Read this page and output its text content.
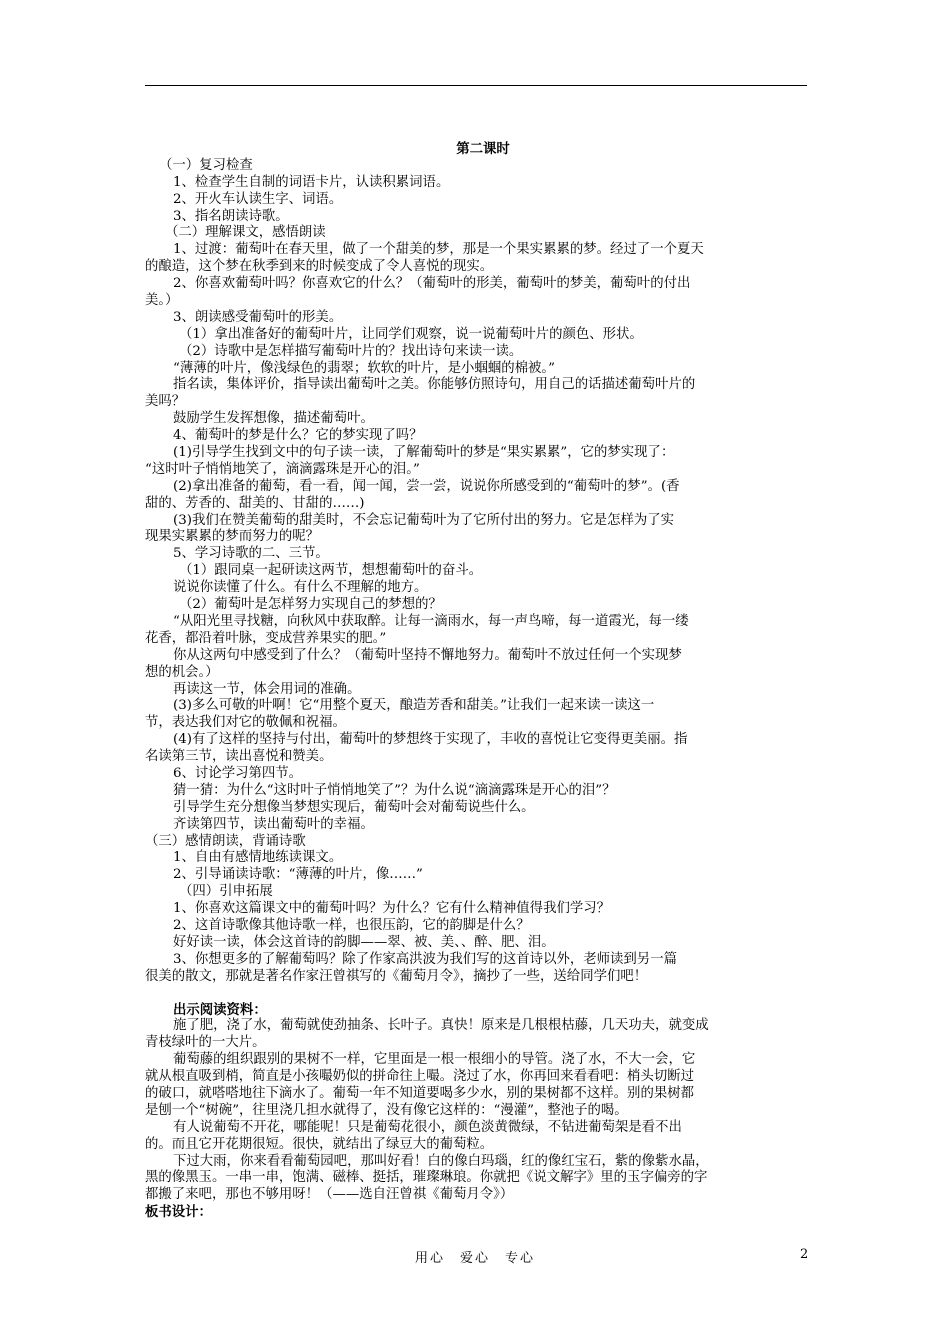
第二课时
（一）复习检查
1、检查学生自制的词语卡片，认读积累词语。
2、开火车认读生字、词语。
3、指名朗读诗歌。
（二）理解课文，感悟朗读
1、过渡：葡萄叶在春天里，做了一个甜美的梦，那是一个果实累累的梦。经过了一个夏天
的酿造，这个梦在秋季到来的时候变成了令人喜悦的现实。
2、你喜欢葡萄叶吗？你喜欢它的什么？（葡萄叶的形美，葡萄叶的梦美，葡萄叶的付出
美。）
3、朗读感受葡萄叶的形美。
（1）拿出准备好的葡萄叶片，让同学们观察，说一说葡萄叶片的颜色、形状。
（2）诗歌中是怎样描写葡萄叶片的？找出诗句来读一读。
“薄薄的叶片，像浅绿色的翡翠；软软的叶片，是小蝈蝈的棉被。”
指名读，集体评价，指导读出葡萄叶之美。你能够仿照诗句，用自己的话描述葡萄叶片的
美吗？
鼓励学生发挥想像，描述葡萄叶。
4、葡萄叶的梦是什么？它的梦实现了吗？
(1)引导学生找到文中的句子读一读，了解葡萄叶的梦是“果实累累”，它的梦实现了：
“这时叶子悄悄地笑了，滴滴露珠是开心的泪。”
(2)拿出准备的葡萄，看一看，闻一闻，尝一尝，说说你所感受到的“葡萄叶的梦”。(香
甜的、芳香的、甜美的、甘甜的……)
(3)我们在赞美葡萄的甜美时，不会忘记葡萄叶为了它所付出的努力。它是怎样为了实
现果实累累的梦而努力的呢？
5、学习诗歌的二、三节。
（1）跟同桌一起研读这两节，想想葡萄叶的奋斗。
说说你读懂了什么。有什么不理解的地方。
（2）葡萄叶是怎样努力实现自己的梦想的？
“从阳光里寻找糖，向秋风中获取醉。让每一滴雨水，每一声鸟啼，每一道霞光，每一缕
花香，都沿着叶脉，变成营养果实的肥。”
你从这两句中感受到了什么？（葡萄叶坚持不懈地努力。葡萄叶不放过任何一个实现梦
想的机会。）
再读这一节，体会用词的准确。
(3)多么可敬的叶啊！它“用整个夏天，酿造芳香和甜美。”让我们一起来读一读这一
节，表达我们对它的敬佩和祝福。
(4)有了这样的坚持与付出，葡萄叶的梦想终于实现了，丰收的喜悦让它变得更美丽。指
名读第三节，读出喜悦和赞美。
6、讨论学习第四节。
猜一猜：为什么“这时叶子悄悄地笑了”？为什么说“滴滴露珠是开心的泪”？
引导学生充分想像当梦想实现后，葡萄叶会对葡萄说些什么。
齐读第四节，读出葡萄叶的幸福。
（三）感情朗读，背诵诗歌
1、自由有感情地练读课文。
2、引导诵读诗歌：“薄薄的叶片，像……”
（四）引申拓展
1、你喜欢这篇课文中的葡萄叶吗？为什么？它有什么精神值得我们学习？
2、这首诗歌像其他诗歌一样，也很压韵，它的韵脚是什么？
好好读一读，体会这首诗的韵脚——翠、被、美、、醉、肥、泪。
3、你想更多的了解葡萄吗？除了作家高洪波为我们写的这首诗以外，老师读到另一篇
很美的散文，那就是著名作家汪曾祺写的《葡萄月令》，摘抄了一些，送给同学们吧！
出示阅读资料：
施了肥，浇了水，葡萄就使劲抽条、长叶子。真快！原来是几根根枯藤，几天功夫，就变成
青枝绿叶的一大片。
葡萄藤的组织跟别的果树不一样，它里面是一根一根细小的导管。浇了水，不大一会，它
就从根直吸到梢，简直是小孩嘬奶似的拼命往上嘬。浇过了水，你再回来看看吧：梢头切断过
的破口，就嗒嗒地往下滴水了。葡萄一年不知道要喝多少水，别的果树都不这样。别的果树都
是刨一个“树碗”，往里浇几担水就得了，没有像它这样的：“漫灌”，整池子的喝。
有人说葡萄不开花，哪能呢！只是葡萄花很小，颜色淡黄微绿，不钻进葡萄架是看不出
的。而且它开花期很短。很快，就结出了绿豆大的葡萄粒。
下过大雨，你来看看葡萄园吧，那叫好看！白的像白玛瑙，红的像红宝石，紫的像紫水晶，
黑的像黑玉。一串一串，饱满、磁棒、挺括，璀璨琳琅。你就把《说文解字》里的玉字偏旁的字
都搬了来吧，那也不够用呀！（——选自汪曾祺《葡萄月令》）
板书设计：
用心　爱心　专心	2
